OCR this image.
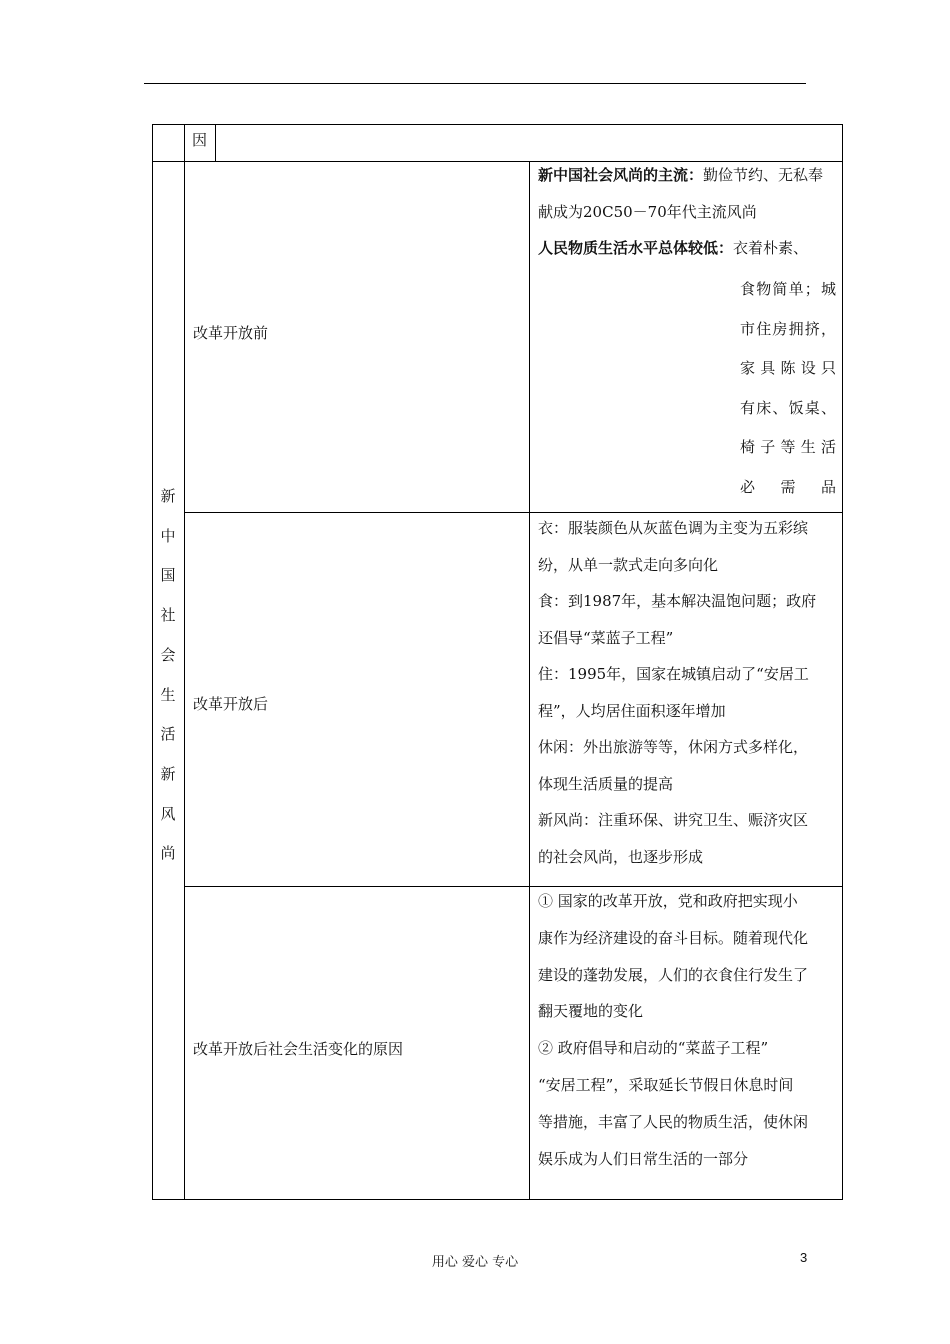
因
新
中
国
社
会
生
活
新
风
尚
改革开放前
新中国社会风尚的主流：勤俭节约、无私奉献成为20C50－70年代主流风尚
人民物质生活水平总体较低：衣着朴素、
食物简单；城
市住房拥挤，
家具陈设只
有床、饭桌、
椅子等生活
必需品
改革开放后
衣：服装颜色从灰蓝色调为主变为五彩缤
纷，从单一款式走向多向化
食：到1987年，基本解决温饱问题；政府
还倡导“菜蓝子工程”
住：1995年，国家在城镇启动了“安居工
程”，人均居住面积逐年增加
休闲：外出旅游等等，休闲方式多样化，
体现生活质量的提高
新风尚：注重环保、讲究卫生、赈济灾区
的社会风尚，也逐步形成
改革开放后社会生活变化的原因
① 国家的改革开放，党和政府把实现小
康作为经济建设的奋斗目标。随着现代化
建设的蓬勃发展，人们的衣食住行发生了
翻天覆地的变化
② 政府倡导和启动的“菜蓝子工程”
“安居工程”，采取延长节假日休息时间
等措施，丰富了人民的物质生活，使休闲
娱乐成为人们日常生活的一部分
用心 爱心 专心	3
